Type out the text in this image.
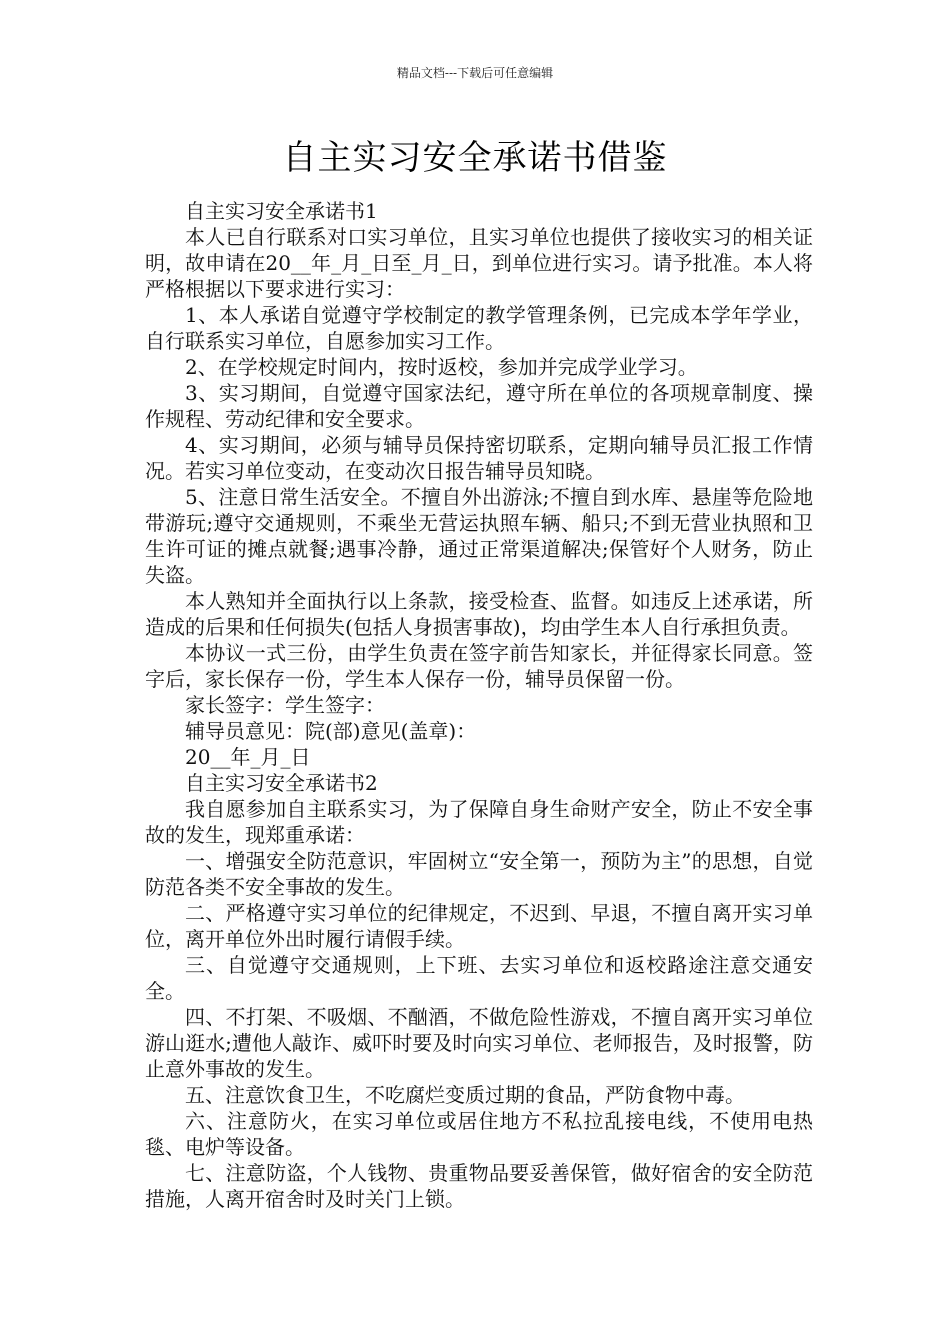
精品文档---下载后可任意编辑
自主实习安全承诺书借鉴

自主实习安全承诺书1

本人已自行联系对口实习单位，且实习单位也提供了接收实习的相关证明，故申请在20__年_月_日至_月_日，到单位进行实习。请予批准。本人将严格根据以下要求进行实习：

1、本人承诺自觉遵守学校制定的教学管理条例，已完成本学年学业，自行联系实习单位，自愿参加实习工作。

2、在学校规定时间内，按时返校，参加并完成学业学习。

3、实习期间，自觉遵守国家法纪，遵守所在单位的各项规章制度、操作规程、劳动纪律和安全要求。

4、实习期间，必须与辅导员保持密切联系，定期向辅导员汇报工作情况。若实习单位变动，在变动次日报告辅导员知晓。

5、注意日常生活安全。不擅自外出游泳;不擅自到水库、悬崖等危险地带游玩;遵守交通规则，不乘坐无营运执照车辆、船只;不到无营业执照和卫生许可证的摊点就餐;遇事冷静，通过正常渠道解决;保管好个人财务，防止失盗。

本人熟知并全面执行以上条款，接受检查、监督。如违反上述承诺，所造成的后果和任何损失(包括人身损害事故)，均由学生本人自行承担负责。

本协议一式三份，由学生负责在签字前告知家长，并征得家长同意。签字后，家长保存一份，学生本人保存一份，辅导员保留一份。

家长签字：学生签字：

辅导员意见：院(部)意见(盖章)：

20__年_月_日

自主实习安全承诺书2

我自愿参加自主联系实习，为了保障自身生命财产安全，防止不安全事故的发生，现郑重承诺：

一、增强安全防范意识，牢固树立“安全第一，预防为主”的思想，自觉防范各类不安全事故的发生。

二、严格遵守实习单位的纪律规定，不迟到、早退，不擅自离开实习单位，离开单位外出时履行请假手续。

三、自觉遵守交通规则，上下班、去实习单位和返校路途注意交通安全。

四、不打架、不吸烟、不酗酒，不做危险性游戏，不擅自离开实习单位游山逛水;遭他人敲诈、威吓时要及时向实习单位、老师报告，及时报警，防止意外事故的发生。

五、注意饮食卫生，不吃腐烂变质过期的食品，严防食物中毒。

六、注意防火，在实习单位或居住地方不私拉乱接电线，不使用电热毯、电炉等设备。

七、注意防盗，个人钱物、贵重物品要妥善保管，做好宿舍的安全防范措施，人离开宿舍时及时关门上锁。
